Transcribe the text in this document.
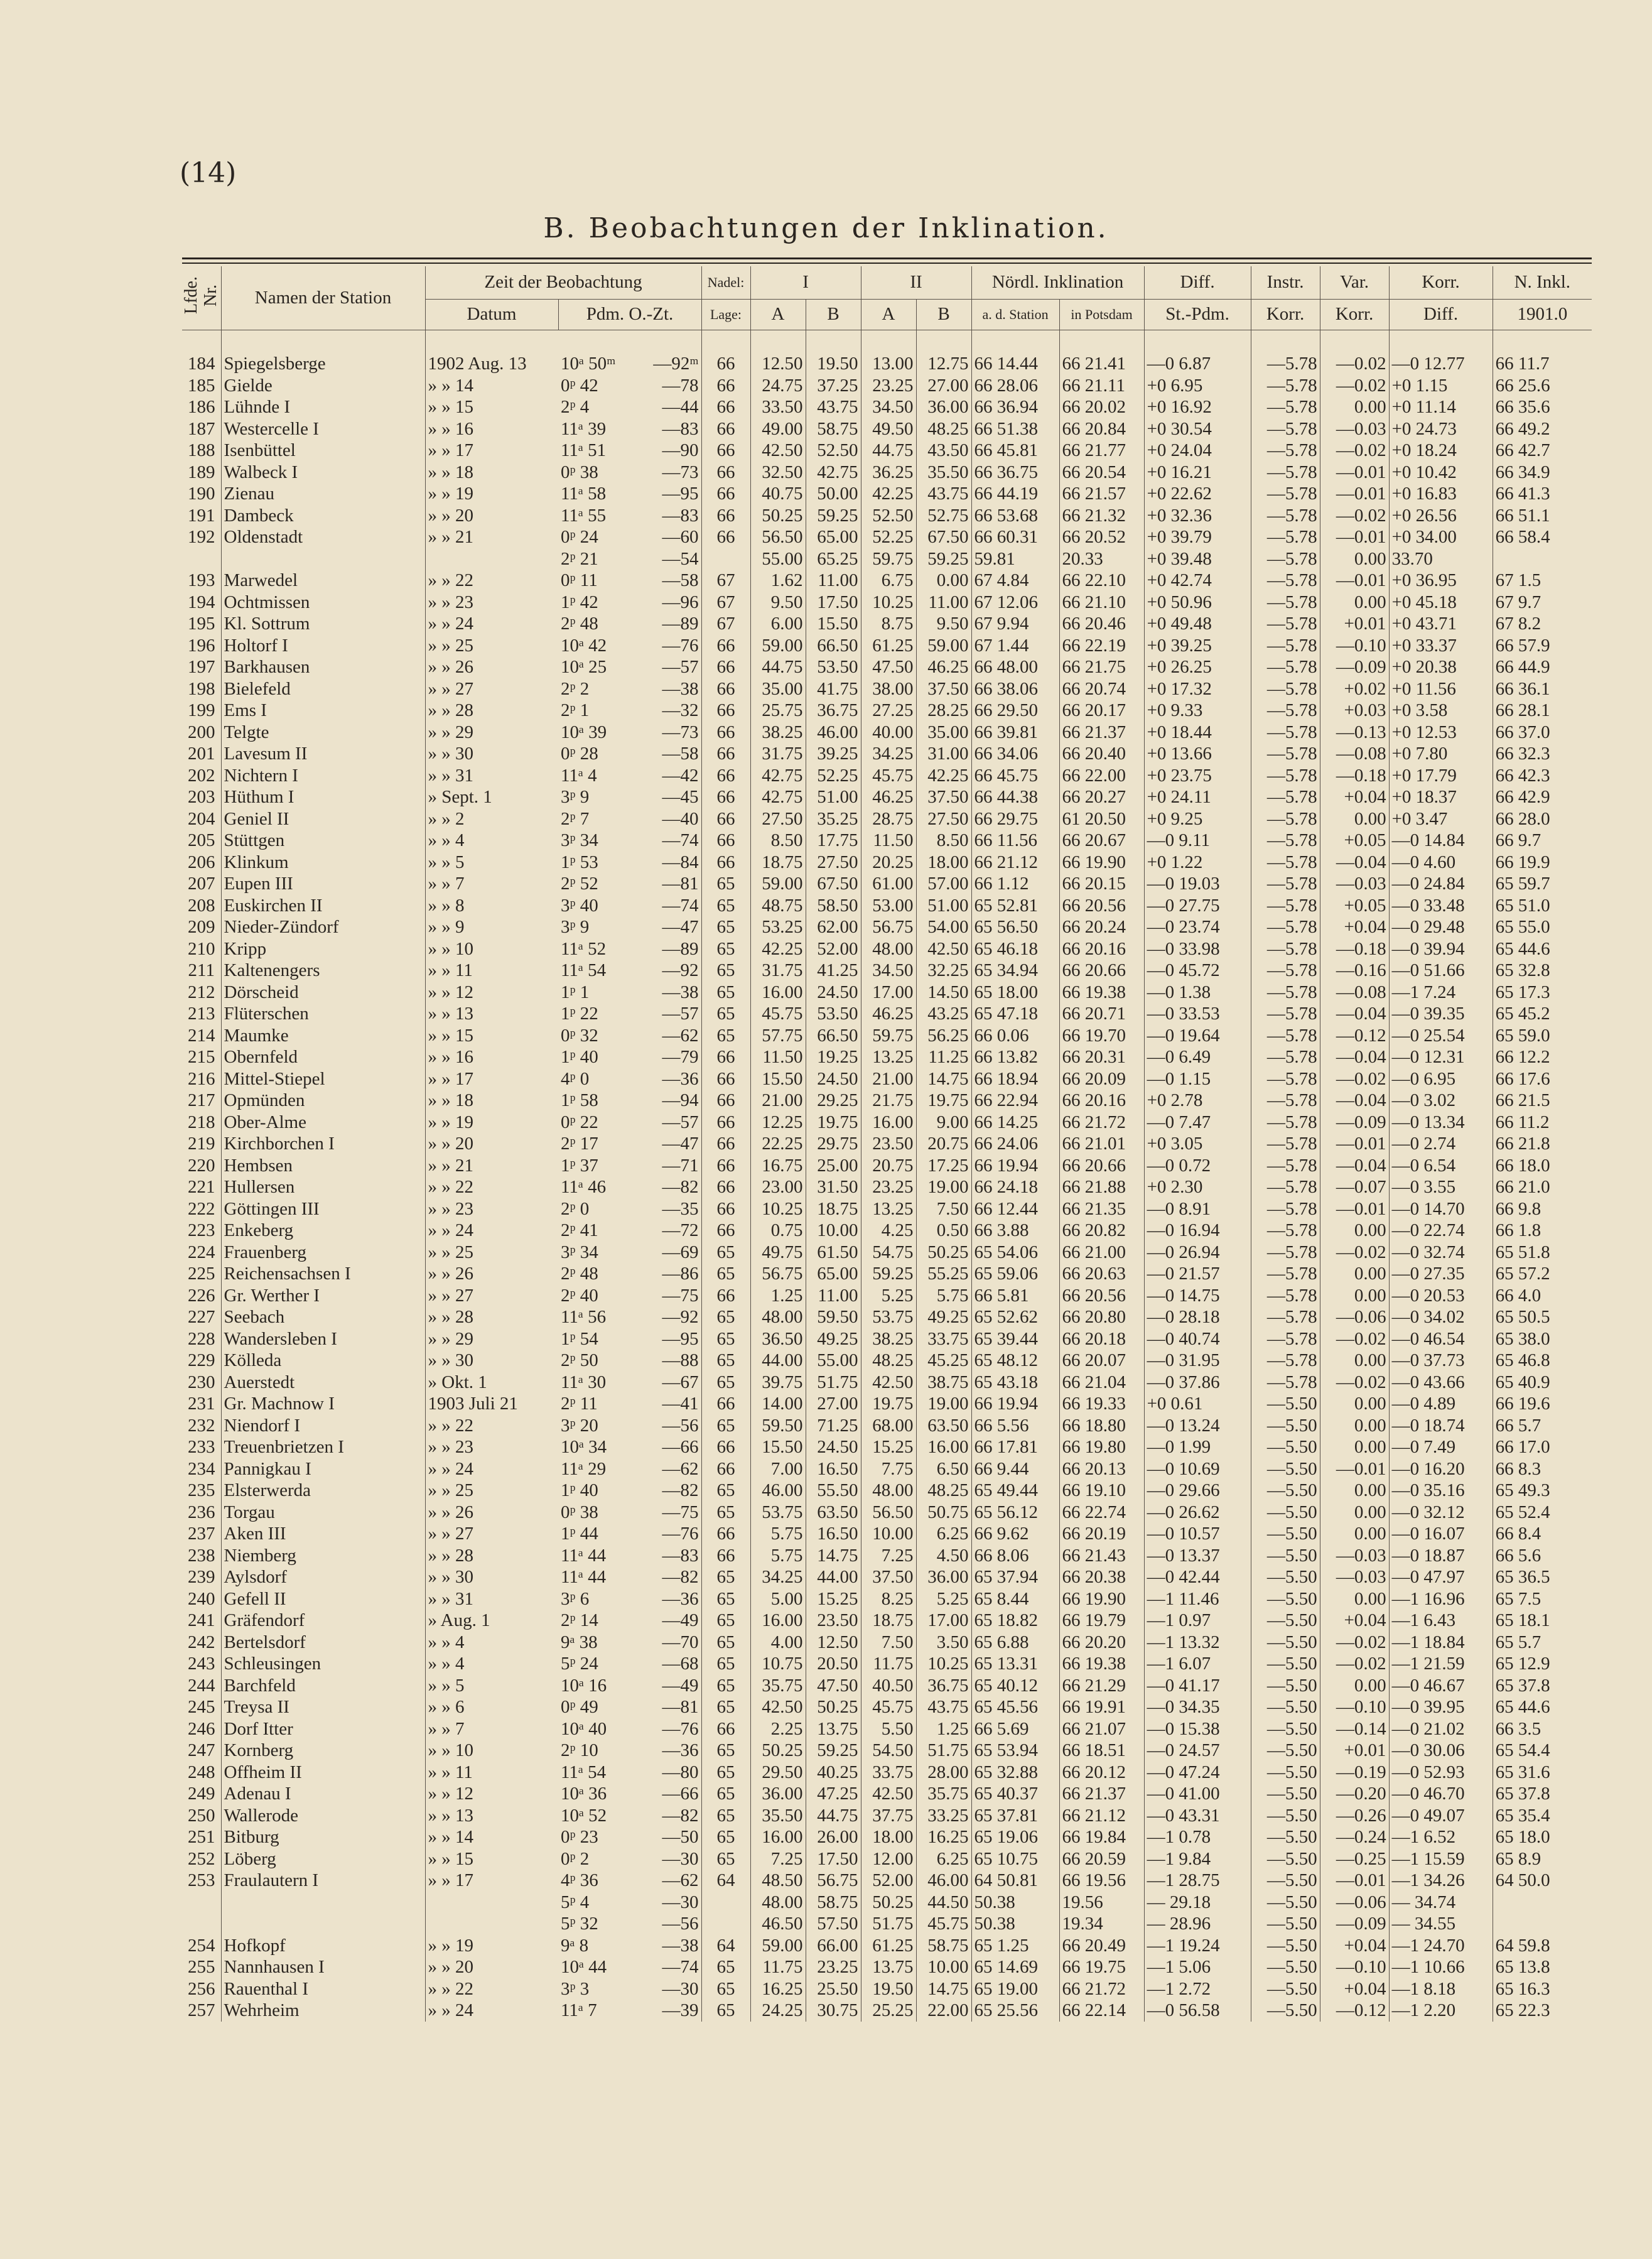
(14)
B. Beobachtungen der Inklination.
Lfde. Nr.	Namen der Station	Zeit der Beobachtung			Nadel:	I		II		Nördl. Inklination		Diff.	Instr.	Var.	Korr.	N. Inkl.
		Datum	Pdm. O.-Zt.		Lage:	A	B	A	B	a. d. Station	in Potsdam	St.-Pdm.	Korr.	Korr.	Diff.	1901.0
184	Spiegelsberge	1902 Aug. 13	10ᵃ 50ᵐ	—92ᵐ	66	12.50	19.50	13.00	12.75	66 14.44	66 21.41	—0 6.87	—5.78	—0.02	—0 12.77	66 11.7
185	Gielde	» » 14	0ᵖ 42	—78	66	24.75	37.25	23.25	27.00	66 28.06	66 21.11	+0 6.95	—5.78	—0.02	+0 1.15	66 25.6
186	Lühnde I	» » 15	2ᵖ 4	—44	66	33.50	43.75	34.50	36.00	66 36.94	66 20.02	+0 16.92	—5.78	0.00	+0 11.14	66 35.6
187	Westercelle I	» » 16	11ᵃ 39	—83	66	49.00	58.75	49.50	48.25	66 51.38	66 20.84	+0 30.54	—5.78	—0.03	+0 24.73	66 49.2
188	Isenbüttel	» » 17	11ᵃ 51	—90	66	42.50	52.50	44.75	43.50	66 45.81	66 21.77	+0 24.04	—5.78	—0.02	+0 18.24	66 42.7
189	Walbeck I	» » 18	0ᵖ 38	—73	66	32.50	42.75	36.25	35.50	66 36.75	66 20.54	+0 16.21	—5.78	—0.01	+0 10.42	66 34.9
190	Zienau	» » 19	11ᵃ 58	—95	66	40.75	50.00	42.25	43.75	66 44.19	66 21.57	+0 22.62	—5.78	—0.01	+0 16.83	66 41.3
191	Dambeck	» » 20	11ᵃ 55	—83	66	50.25	59.25	52.50	52.75	66 53.68	66 21.32	+0 32.36	—5.78	—0.02	+0 26.56	66 51.1
192	Oldenstadt	» » 21	0ᵖ 24	—60	66	56.50	65.00	52.25	67.50	66 60.31	66 20.52	+0 39.79	—5.78	—0.01	+0 34.00	66 58.4
			2ᵖ 21	—54		55.00	65.25	59.75	59.25	59.81	20.33	+0 39.48	—5.78	0.00	33.70	
193	Marwedel	» » 22	0ᵖ 11	—58	67	1.62	11.00	6.75	0.00	67 4.84	66 22.10	+0 42.74	—5.78	—0.01	+0 36.95	67 1.5
194	Ochtmissen	» » 23	1ᵖ 42	—96	67	9.50	17.50	10.25	11.00	67 12.06	66 21.10	+0 50.96	—5.78	0.00	+0 45.18	67 9.7
195	Kl. Sottrum	» » 24	2ᵖ 48	—89	67	6.00	15.50	8.75	9.50	67 9.94	66 20.46	+0 49.48	—5.78	+0.01	+0 43.71	67 8.2
196	Holtorf I	» » 25	10ᵃ 42	—76	66	59.00	66.50	61.25	59.00	67 1.44	66 22.19	+0 39.25	—5.78	—0.10	+0 33.37	66 57.9
197	Barkhausen	» » 26	10ᵃ 25	—57	66	44.75	53.50	47.50	46.25	66 48.00	66 21.75	+0 26.25	—5.78	—0.09	+0 20.38	66 44.9
198	Bielefeld	» » 27	2ᵖ 2	—38	66	35.00	41.75	38.00	37.50	66 38.06	66 20.74	+0 17.32	—5.78	+0.02	+0 11.56	66 36.1
199	Ems I	» » 28	2ᵖ 1	—32	66	25.75	36.75	27.25	28.25	66 29.50	66 20.17	+0 9.33	—5.78	+0.03	+0 3.58	66 28.1
200	Telgte	» » 29	10ᵃ 39	—73	66	38.25	46.00	40.00	35.00	66 39.81	66 21.37	+0 18.44	—5.78	—0.13	+0 12.53	66 37.0
201	Lavesum II	» » 30	0ᵖ 28	—58	66	31.75	39.25	34.25	31.00	66 34.06	66 20.40	+0 13.66	—5.78	—0.08	+0 7.80	66 32.3
202	Nichtern I	» » 31	11ᵃ 4	—42	66	42.75	52.25	45.75	42.25	66 45.75	66 22.00	+0 23.75	—5.78	—0.18	+0 17.79	66 42.3
203	Hüthum I	» Sept. 1	3ᵖ 9	—45	66	42.75	51.00	46.25	37.50	66 44.38	66 20.27	+0 24.11	—5.78	+0.04	+0 18.37	66 42.9
204	Geniel II	» » 2	2ᵖ 7	—40	66	27.50	35.25	28.75	27.50	66 29.75	61 20.50	+0 9.25	—5.78	0.00	+0 3.47	66 28.0
205	Stüttgen	» » 4	3ᵖ 34	—74	66	8.50	17.75	11.50	8.50	66 11.56	66 20.67	—0 9.11	—5.78	+0.05	—0 14.84	66 9.7
206	Klinkum	» » 5	1ᵖ 53	—84	66	18.75	27.50	20.25	18.00	66 21.12	66 19.90	+0 1.22	—5.78	—0.04	—0 4.60	66 19.9
207	Eupen III	» » 7	2ᵖ 52	—81	65	59.00	67.50	61.00	57.00	66 1.12	66 20.15	—0 19.03	—5.78	—0.03	—0 24.84	65 59.7
208	Euskirchen II	» » 8	3ᵖ 40	—74	65	48.75	58.50	53.00	51.00	65 52.81	66 20.56	—0 27.75	—5.78	+0.05	—0 33.48	65 51.0
209	Nieder-Zündorf	» » 9	3ᵖ 9	—47	65	53.25	62.00	56.75	54.00	65 56.50	66 20.24	—0 23.74	—5.78	+0.04	—0 29.48	65 55.0
210	Kripp	» » 10	11ᵃ 52	—89	65	42.25	52.00	48.00	42.50	65 46.18	66 20.16	—0 33.98	—5.78	—0.18	—0 39.94	65 44.6
211	Kaltenengers	» » 11	11ᵃ 54	—92	65	31.75	41.25	34.50	32.25	65 34.94	66 20.66	—0 45.72	—5.78	—0.16	—0 51.66	65 32.8
212	Dörscheid	» » 12	1ᵖ 1	—38	65	16.00	24.50	17.00	14.50	65 18.00	66 19.38	—0 1.38	—5.78	—0.08	—1 7.24	65 17.3
213	Flüterschen	» » 13	1ᵖ 22	—57	65	45.75	53.50	46.25	43.25	65 47.18	66 20.71	—0 33.53	—5.78	—0.04	—0 39.35	65 45.2
214	Maumke	» » 15	0ᵖ 32	—62	65	57.75	66.50	59.75	56.25	66 0.06	66 19.70	—0 19.64	—5.78	—0.12	—0 25.54	65 59.0
215	Obernfeld	» » 16	1ᵖ 40	—79	66	11.50	19.25	13.25	11.25	66 13.82	66 20.31	—0 6.49	—5.78	—0.04	—0 12.31	66 12.2
216	Mittel-Stiepel	» » 17	4ᵖ 0	—36	66	15.50	24.50	21.00	14.75	66 18.94	66 20.09	—0 1.15	—5.78	—0.02	—0 6.95	66 17.6
217	Opmünden	» » 18	1ᵖ 58	—94	66	21.00	29.25	21.75	19.75	66 22.94	66 20.16	+0 2.78	—5.78	—0.04	—0 3.02	66 21.5
218	Ober-Alme	» » 19	0ᵖ 22	—57	66	12.25	19.75	16.00	9.00	66 14.25	66 21.72	—0 7.47	—5.78	—0.09	—0 13.34	66 11.2
219	Kirchborchen I	» » 20	2ᵖ 17	—47	66	22.25	29.75	23.50	20.75	66 24.06	66 21.01	+0 3.05	—5.78	—0.01	—0 2.74	66 21.8
220	Hembsen	» » 21	1ᵖ 37	—71	66	16.75	25.00	20.75	17.25	66 19.94	66 20.66	—0 0.72	—5.78	—0.04	—0 6.54	66 18.0
221	Hullersen	» » 22	11ᵃ 46	—82	66	23.00	31.50	23.25	19.00	66 24.18	66 21.88	+0 2.30	—5.78	—0.07	—0 3.55	66 21.0
222	Göttingen III	» » 23	2ᵖ 0	—35	66	10.25	18.75	13.25	7.50	66 12.44	66 21.35	—0 8.91	—5.78	—0.01	—0 14.70	66 9.8
223	Enkeberg	» » 24	2ᵖ 41	—72	66	0.75	10.00	4.25	0.50	66 3.88	66 20.82	—0 16.94	—5.78	0.00	—0 22.74	66 1.8
224	Frauenberg	» » 25	3ᵖ 34	—69	65	49.75	61.50	54.75	50.25	65 54.06	66 21.00	—0 26.94	—5.78	—0.02	—0 32.74	65 51.8
225	Reichensachsen I	» » 26	2ᵖ 48	—86	65	56.75	65.00	59.25	55.25	65 59.06	66 20.63	—0 21.57	—5.78	0.00	—0 27.35	65 57.2
226	Gr. Werther I	» » 27	2ᵖ 40	—75	66	1.25	11.00	5.25	5.75	66 5.81	66 20.56	—0 14.75	—5.78	0.00	—0 20.53	66 4.0
227	Seebach	» » 28	11ᵃ 56	—92	65	48.00	59.50	53.75	49.25	65 52.62	66 20.80	—0 28.18	—5.78	—0.06	—0 34.02	65 50.5
228	Wandersleben I	» » 29	1ᵖ 54	—95	65	36.50	49.25	38.25	33.75	65 39.44	66 20.18	—0 40.74	—5.78	—0.02	—0 46.54	65 38.0
229	Kölleda	» » 30	2ᵖ 50	—88	65	44.00	55.00	48.25	45.25	65 48.12	66 20.07	—0 31.95	—5.78	0.00	—0 37.73	65 46.8
230	Auerstedt	» Okt. 1	11ᵃ 30	—67	65	39.75	51.75	42.50	38.75	65 43.18	66 21.04	—0 37.86	—5.78	—0.02	—0 43.66	65 40.9
231	Gr. Machnow I	1903 Juli 21	2ᵖ 11	—41	66	14.00	27.00	19.75	19.00	66 19.94	66 19.33	+0 0.61	—5.50	0.00	—0 4.89	66 19.6
232	Niendorf I	» » 22	3ᵖ 20	—56	65	59.50	71.25	68.00	63.50	66 5.56	66 18.80	—0 13.24	—5.50	0.00	—0 18.74	66 5.7
233	Treuenbrietzen I	» » 23	10ᵃ 34	—66	66	15.50	24.50	15.25	16.00	66 17.81	66 19.80	—0 1.99	—5.50	0.00	—0 7.49	66 17.0
234	Pannigkau I	» » 24	11ᵃ 29	—62	66	7.00	16.50	7.75	6.50	66 9.44	66 20.13	—0 10.69	—5.50	—0.01	—0 16.20	66 8.3
235	Elsterwerda	» » 25	1ᵖ 40	—82	65	46.00	55.50	48.00	48.25	65 49.44	66 19.10	—0 29.66	—5.50	0.00	—0 35.16	65 49.3
236	Torgau	» » 26	0ᵖ 38	—75	65	53.75	63.50	56.50	50.75	65 56.12	66 22.74	—0 26.62	—5.50	0.00	—0 32.12	65 52.4
237	Aken III	» » 27	1ᵖ 44	—76	66	5.75	16.50	10.00	6.25	66 9.62	66 20.19	—0 10.57	—5.50	0.00	—0 16.07	66 8.4
238	Niemberg	» » 28	11ᵃ 44	—83	66	5.75	14.75	7.25	4.50	66 8.06	66 21.43	—0 13.37	—5.50	—0.03	—0 18.87	66 5.6
239	Aylsdorf	» » 30	11ᵃ 44	—82	65	34.25	44.00	37.50	36.00	65 37.94	66 20.38	—0 42.44	—5.50	—0.03	—0 47.97	65 36.5
240	Gefell II	» » 31	3ᵖ 6	—36	65	5.00	15.25	8.25	5.25	65 8.44	66 19.90	—1 11.46	—5.50	0.00	—1 16.96	65 7.5
241	Gräfendorf	» Aug. 1	2ᵖ 14	—49	65	16.00	23.50	18.75	17.00	65 18.82	66 19.79	—1 0.97	—5.50	+0.04	—1 6.43	65 18.1
242	Bertelsdorf	» » 4	9ᵃ 38	—70	65	4.00	12.50	7.50	3.50	65 6.88	66 20.20	—1 13.32	—5.50	—0.02	—1 18.84	65 5.7
243	Schleusingen	» » 4	5ᵖ 24	—68	65	10.75	20.50	11.75	10.25	65 13.31	66 19.38	—1 6.07	—5.50	—0.02	—1 21.59	65 12.9
244	Barchfeld	» » 5	10ᵃ 16	—49	65	35.75	47.50	40.50	36.75	65 40.12	66 21.29	—0 41.17	—5.50	0.00	—0 46.67	65 37.8
245	Treysa II	» » 6	0ᵖ 49	—81	65	42.50	50.25	45.75	43.75	65 45.56	66 19.91	—0 34.35	—5.50	—0.10	—0 39.95	65 44.6
246	Dorf Itter	» » 7	10ᵃ 40	—76	66	2.25	13.75	5.50	1.25	66 5.69	66 21.07	—0 15.38	—5.50	—0.14	—0 21.02	66 3.5
247	Kornberg	» » 10	2ᵖ 10	—36	65	50.25	59.25	54.50	51.75	65 53.94	66 18.51	—0 24.57	—5.50	+0.01	—0 30.06	65 54.4
248	Offheim II	» » 11	11ᵃ 54	—80	65	29.50	40.25	33.75	28.00	65 32.88	66 20.12	—0 47.24	—5.50	—0.19	—0 52.93	65 31.6
249	Adenau I	» » 12	10ᵃ 36	—66	65	36.00	47.25	42.50	35.75	65 40.37	66 21.37	—0 41.00	—5.50	—0.20	—0 46.70	65 37.8
250	Wallerode	» » 13	10ᵃ 52	—82	65	35.50	44.75	37.75	33.25	65 37.81	66 21.12	—0 43.31	—5.50	—0.26	—0 49.07	65 35.4
251	Bitburg	» » 14	0ᵖ 23	—50	65	16.00	26.00	18.00	16.25	65 19.06	66 19.84	—1 0.78	—5.50	—0.24	—1 6.52	65 18.0
252	Löberg	» » 15	0ᵖ 2	—30	65	7.25	17.50	12.00	6.25	65 10.75	66 20.59	—1 9.84	—5.50	—0.25	—1 15.59	65 8.9
253	Fraulautern I	» » 17	4ᵖ 36	—62	64	48.50	56.75	52.00	46.00	64 50.81	66 19.56	—1 28.75	—5.50	—0.01	—1 34.26	64 50.0
			5ᵖ 4	—30		48.00	58.75	50.25	44.50	50.38	19.56	— 29.18	—5.50	—0.06	— 34.74	
			5ᵖ 32	—56		46.50	57.50	51.75	45.75	50.38	19.34	— 28.96	—5.50	—0.09	— 34.55	
254	Hofkopf	» » 19	9ᵃ 8	—38	64	59.00	66.00	61.25	58.75	65 1.25	66 20.49	—1 19.24	—5.50	+0.04	—1 24.70	64 59.8
255	Nannhausen I	» » 20	10ᵃ 44	—74	65	11.75	23.25	13.75	10.00	65 14.69	66 19.75	—1 5.06	—5.50	—0.10	—1 10.66	65 13.8
256	Rauenthal I	» » 22	3ᵖ 3	—30	65	16.25	25.50	19.50	14.75	65 19.00	66 21.72	—1 2.72	—5.50	+0.04	—1 8.18	65 16.3
257	Wehrheim	» » 24	11ᵃ 7	—39	65	24.25	30.75	25.25	22.00	65 25.56	66 22.14	—0 56.58	—5.50	—0.12	—1 2.20	65 22.3
